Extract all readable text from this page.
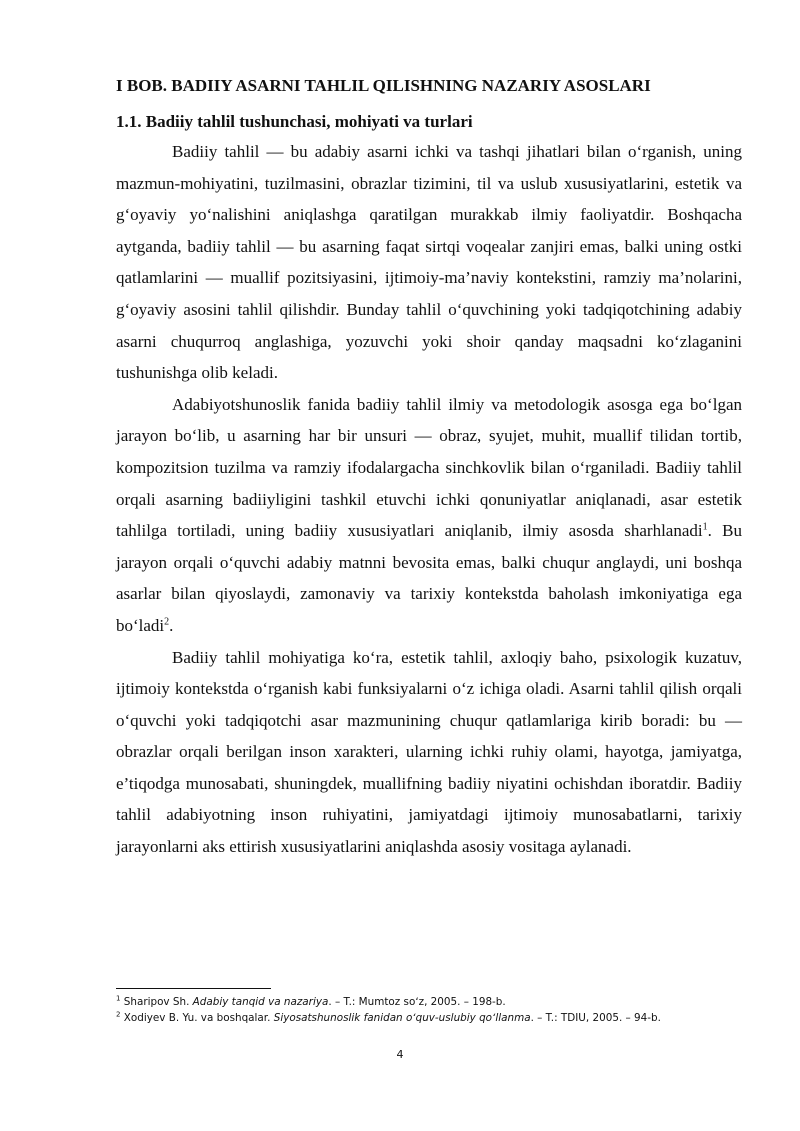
I BOB. BADIIY ASARNI TAHLIL QILISHNING NAZARIY ASOSLARI
1.1. Badiiy tahlil tushunchasi, mohiyati va turlari

Badiiy tahlil — bu adabiy asarni ichki va tashqi jihatlari bilan oʻrganish, uning mazmun-mohiyatini, tuzilmasini, obrazlar tizimini, til va uslub xususiyatlarini, estetik va gʻoyaviy yoʻnalishini aniqlashga qaratilgan murakkab ilmiy faoliyatdir. Boshqacha aytganda, badiiy tahlil — bu asarning faqat sirtqi voqealar zanjiri emas, balki uning ostki qatlamlarini — muallif pozitsiyasini, ijtimoiy-ma’naviy kontekstini, ramziy ma’nolarini, gʻoyaviy asosini tahlil qilishdir. Bunday tahlil oʻquvchining yoki tadqiqotchining adabiy asarni chuqurroq anglashiga, yozuvchi yoki shoir qanday maqsadni koʻzlaganini tushunishga olib keladi.

Adabiyotshunoslik fanida badiiy tahlil ilmiy va metodologik asosga ega boʻlgan jarayon boʻlib, u asarning har bir unsuri — obraz, syujet, muhit, muallif tilidan tortib, kompozitsion tuzilma va ramziy ifodalargacha sinchkovlik bilan oʻrganiladi. Badiiy tahlil orqali asarning badiiyligini tashkil etuvchi ichki qonuniyatlar aniqlanadi, asar estetik tahlilga tortiladi, uning badiiy xususiyatlari aniqlanib, ilmiy asosda sharhlanadi$^1$. Bu jarayon orqali oʻquvchi adabiy matnni bevosita emas, balki chuqur anglaydi, uni boshqa asarlar bilan qiyoslaydi, zamonaviy va tarixiy kontekstda baholash imkoniyatiga ega boʻladi$^2$.

Badiiy tahlil mohiyatiga koʻra, estetik tahlil, axloqiy baho, psixologik kuzatuv, ijtimoiy kontekstda oʻrganish kabi funksiyalarni oʻz ichiga oladi. Asarni tahlil qilish orqali oʻquvchi yoki tadqiqotchi asar mazmunining chuqur qatlamlariga kirib boradi: bu — obrazlar orqali berilgan inson xarakteri, ularning ichki ruhiy olami, hayotga, jamiyatga, e’tiqodga munosabati, shuningdek, muallifning badiiy niyatini ochishdan iboratdir. Badiiy tahlil adabiyotning inson ruhiyatini, jamiyatdagi ijtimoiy munosabatlarni, tarixiy jarayonlarni aks ettirish xususiyatlarini aniqlashda asosiy vositaga aylanadi.

$^1$ Sharipov Sh. Adabiy tanqid va nazariya. – T.: Mumtoz soʻz, 2005. – 198-b.
$^2$ Xodiyev B. Yu. va boshqalar. Siyosatshunoslik fanidan oʻquv-uslubiy qoʻllanma. – T.: TDIU, 2005. – 94-b.
4
